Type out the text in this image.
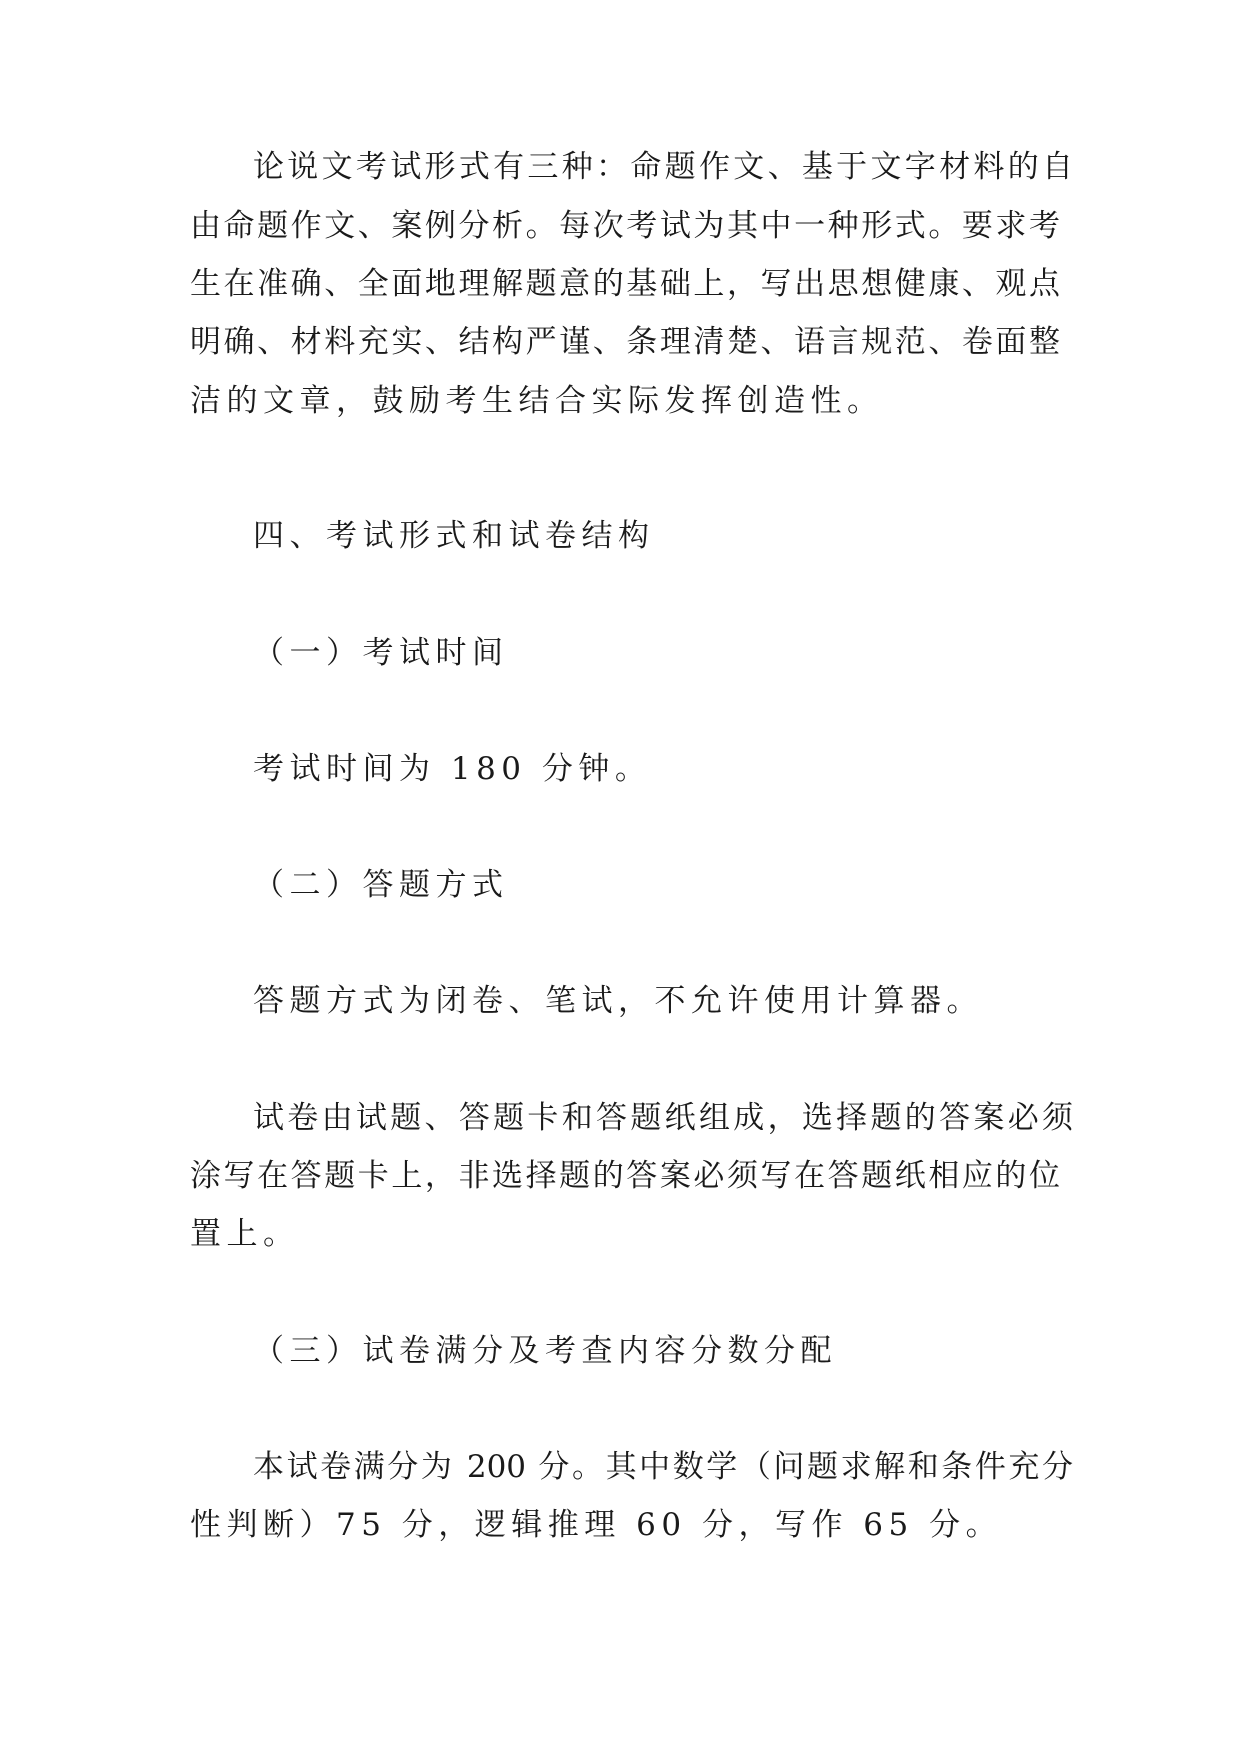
论说文考试形式有三种：命题作文、基于文字材料的自
由命题作文、案例分析。每次考试为其中一种形式。要求考
生在准确、全面地理解题意的基础上，写出思想健康、观点
明确、材料充实、结构严谨、条理清楚、语言规范、卷面整
洁的文章，鼓励考生结合实际发挥创造性。
四、考试形式和试卷结构
（一）考试时间
考试时间为 180 分钟。
（二）答题方式
答题方式为闭卷、笔试，不允许使用计算器。
试卷由试题、答题卡和答题纸组成，选择题的答案必须
涂写在答题卡上，非选择题的答案必须写在答题纸相应的位
置上。
（三）试卷满分及考查内容分数分配
本试卷满分为 200 分。其中数学（问题求解和条件充分
性判断）75 分，逻辑推理 60 分，写作 65 分。
